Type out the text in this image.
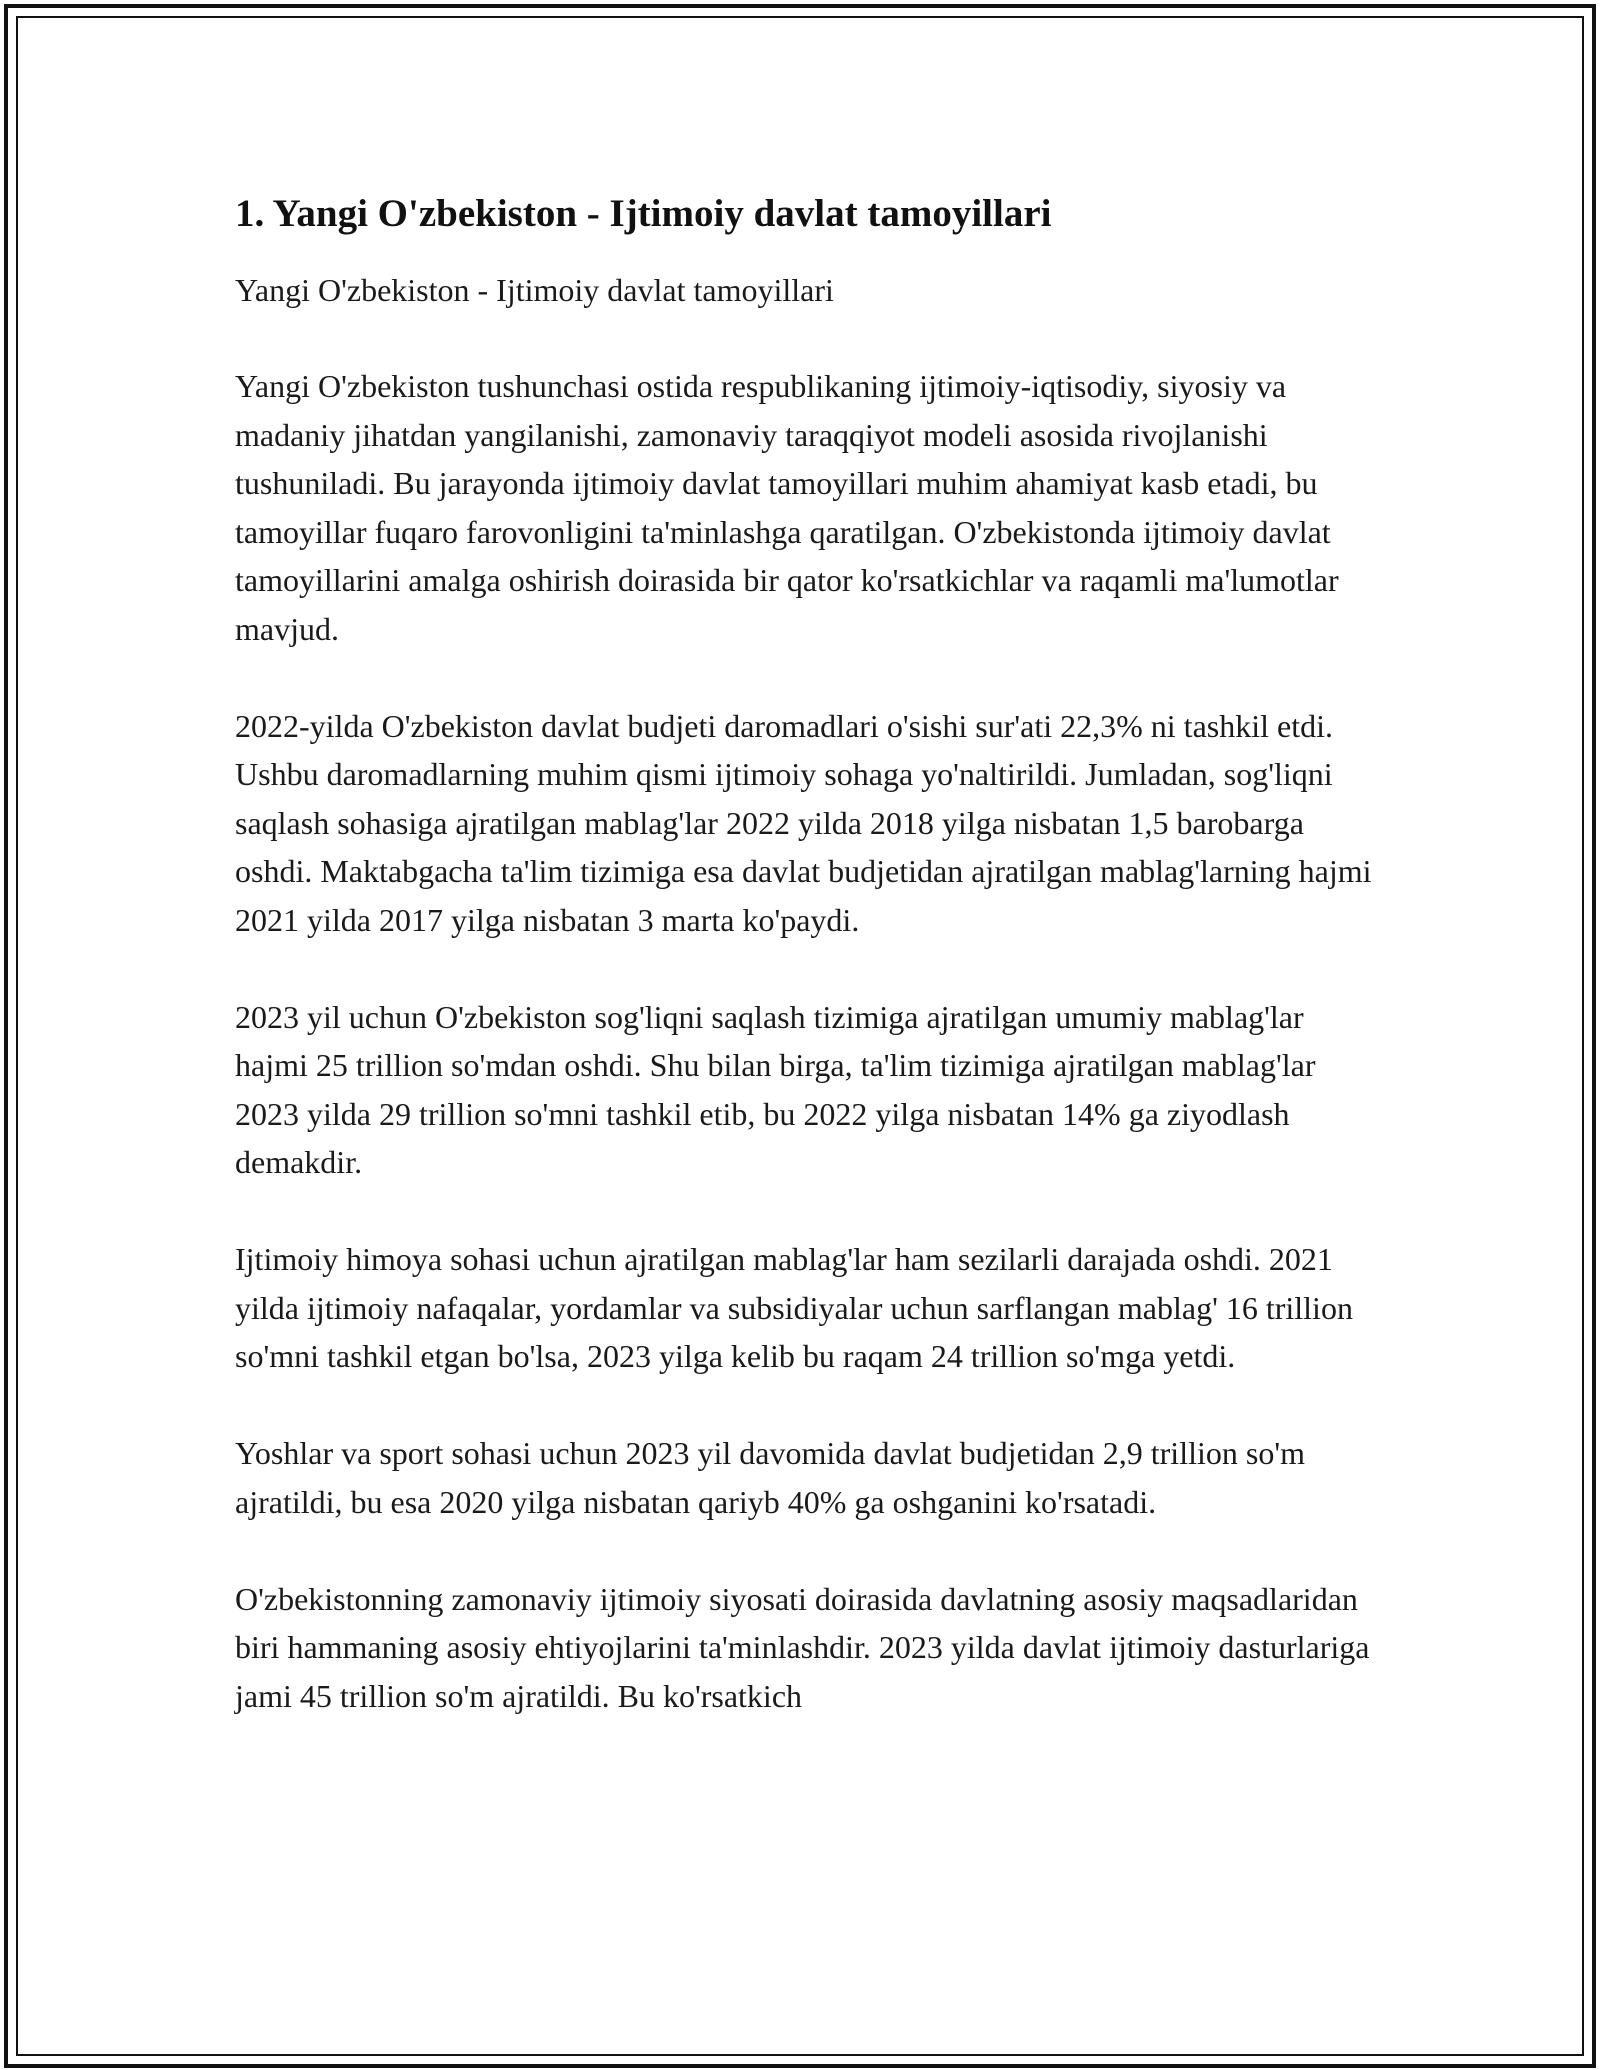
1. Yangi O'zbekiston - Ijtimoiy davlat tamoyillari

Yangi O'zbekiston - Ijtimoiy davlat tamoyillari

Yangi O'zbekiston tushunchasi ostida respublikaning ijtimoiy-iqtisodiy, siyosiy va madaniy jihatdan yangilanishi, zamonaviy taraqqiyot modeli asosida rivojlanishi tushuniladi. Bu jarayonda ijtimoiy davlat tamoyillari muhim ahamiyat kasb etadi, bu tamoyillar fuqaro farovonligini ta'minlashga qaratilgan. O'zbekistonda ijtimoiy davlat tamoyillarini amalga oshirish doirasida bir qator ko'rsatkichlar va raqamli ma'lumotlar mavjud.

2022-yilda O'zbekiston davlat budjeti daromadlari o'sishi sur'ati 22,3% ni tashkil etdi. Ushbu daromadlarning muhim qismi ijtimoiy sohaga yo'naltirildi. Jumladan, sog'liqni saqlash sohasiga ajratilgan mablag'lar 2022 yilda 2018 yilga nisbatan 1,5 barobarga oshdi. Maktabgacha ta'lim tizimiga esa davlat budjetidan ajratilgan mablag'larning hajmi 2021 yilda 2017 yilga nisbatan 3 marta ko'paydi.

2023 yil uchun O'zbekiston sog'liqni saqlash tizimiga ajratilgan umumiy mablag'lar hajmi 25 trillion so'mdan oshdi. Shu bilan birga, ta'lim tizimiga ajratilgan mablag'lar 2023 yilda 29 trillion so'mni tashkil etib, bu 2022 yilga nisbatan 14% ga ziyodlash demakdir.

Ijtimoiy himoya sohasi uchun ajratilgan mablag'lar ham sezilarli darajada oshdi. 2021 yilda ijtimoiy nafaqalar, yordamlar va subsidiyalar uchun sarflangan mablag' 16 trillion so'mni tashkil etgan bo'lsa, 2023 yilga kelib bu raqam 24 trillion so'mga yetdi.

Yoshlar va sport sohasi uchun 2023 yil davomida davlat budjetidan 2,9 trillion so'm ajratildi, bu esa 2020 yilga nisbatan qariyb 40% ga oshganini ko'rsatadi.

O'zbekistonning zamonaviy ijtimoiy siyosati doirasida davlatning asosiy maqsadlaridan biri hammaning asosiy ehtiyojlarini ta'minlashdir. 2023 yilda davlat ijtimoiy dasturlariga jami 45 trillion so'm ajratildi. Bu ko'rsatkich
